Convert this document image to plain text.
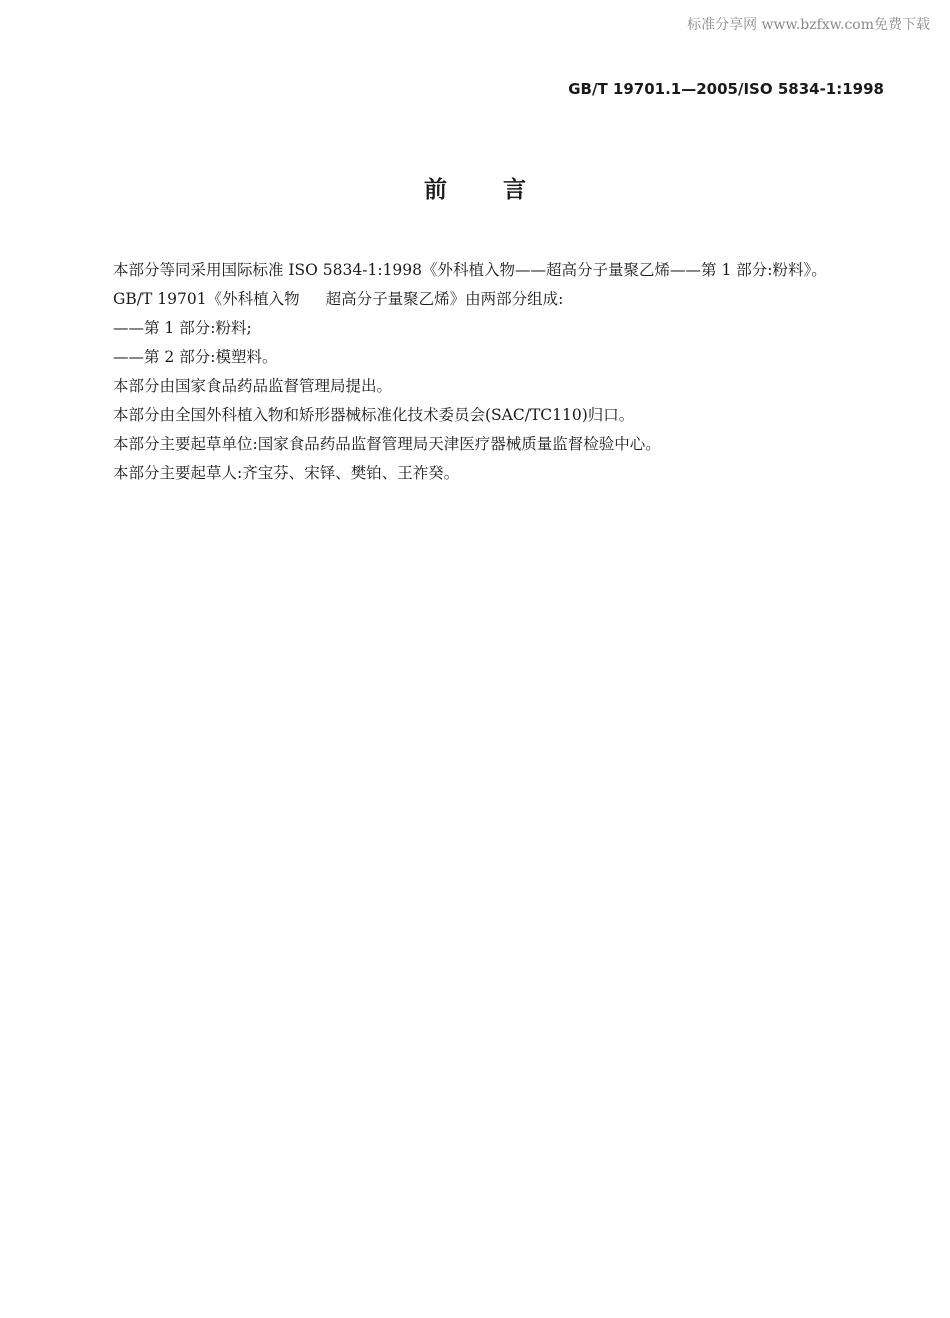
标准分享网 www.bzfxw.com免费下载
GB/T 19701.1—2005/ISO 5834-1:1998
前言

本部分等同采用国际标准 ISO 5834-1:1998《外科植入物——超高分子量聚乙烯——第 1 部分:粉料》。

GB/T 19701《外科植入物 超高分子量聚乙烯》由两部分组成:

——第 1 部分:粉料;

——第 2 部分:模塑料。

本部分由国家食品药品监督管理局提出。

本部分由全国外科植入物和矫形器械标准化技术委员会(SAC/TC110)归口。

本部分主要起草单位:国家食品药品监督管理局天津医疗器械质量监督检验中心。

本部分主要起草人:齐宝芬、宋铎、樊铂、王祚癸。
